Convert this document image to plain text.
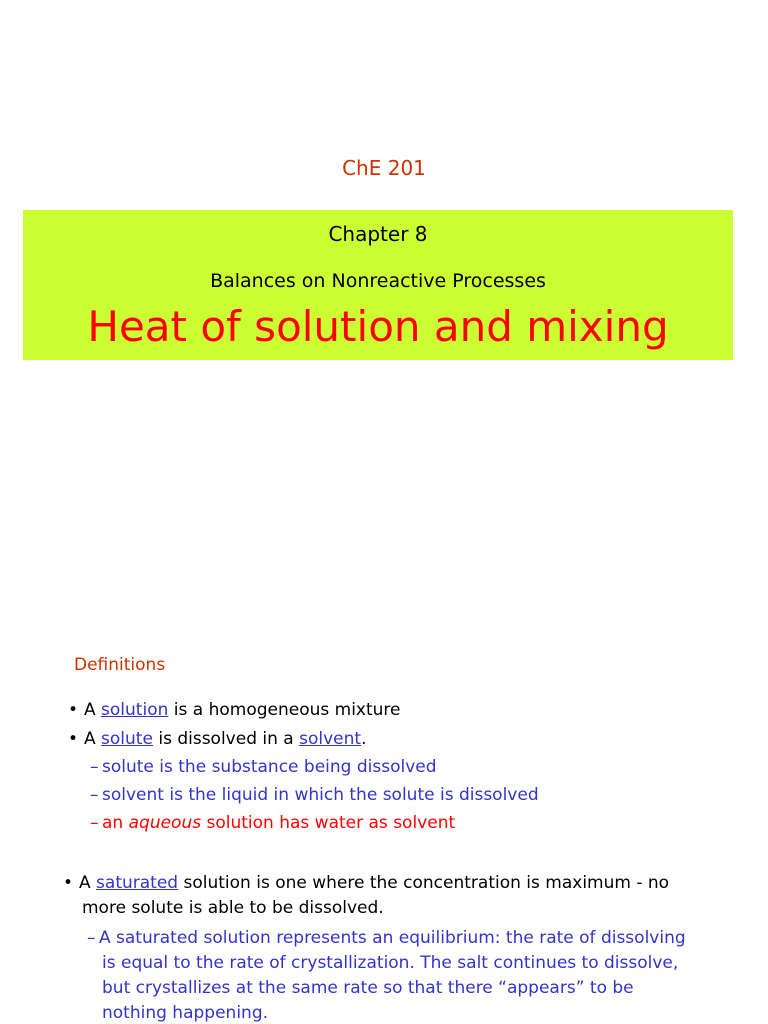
ChE 201
Chapter 8
Balances on Nonreactive Processes
Heat of solution and mixing
Definitions
• A solution is a homogeneous mixture
• A solute is dissolved in a solvent.
– solute is the substance being dissolved
– solvent is the liquid in which the solute is dissolved
– an aqueous solution has water as solvent
• A saturated solution is one where the concentration is maximum - no
more solute is able to be dissolved.
– A saturated solution represents an equilibrium: the rate of dissolving
is equal to the rate of crystallization. The salt continues to dissolve,
but crystallizes at the same rate so that there “appears” to be
nothing happening.
